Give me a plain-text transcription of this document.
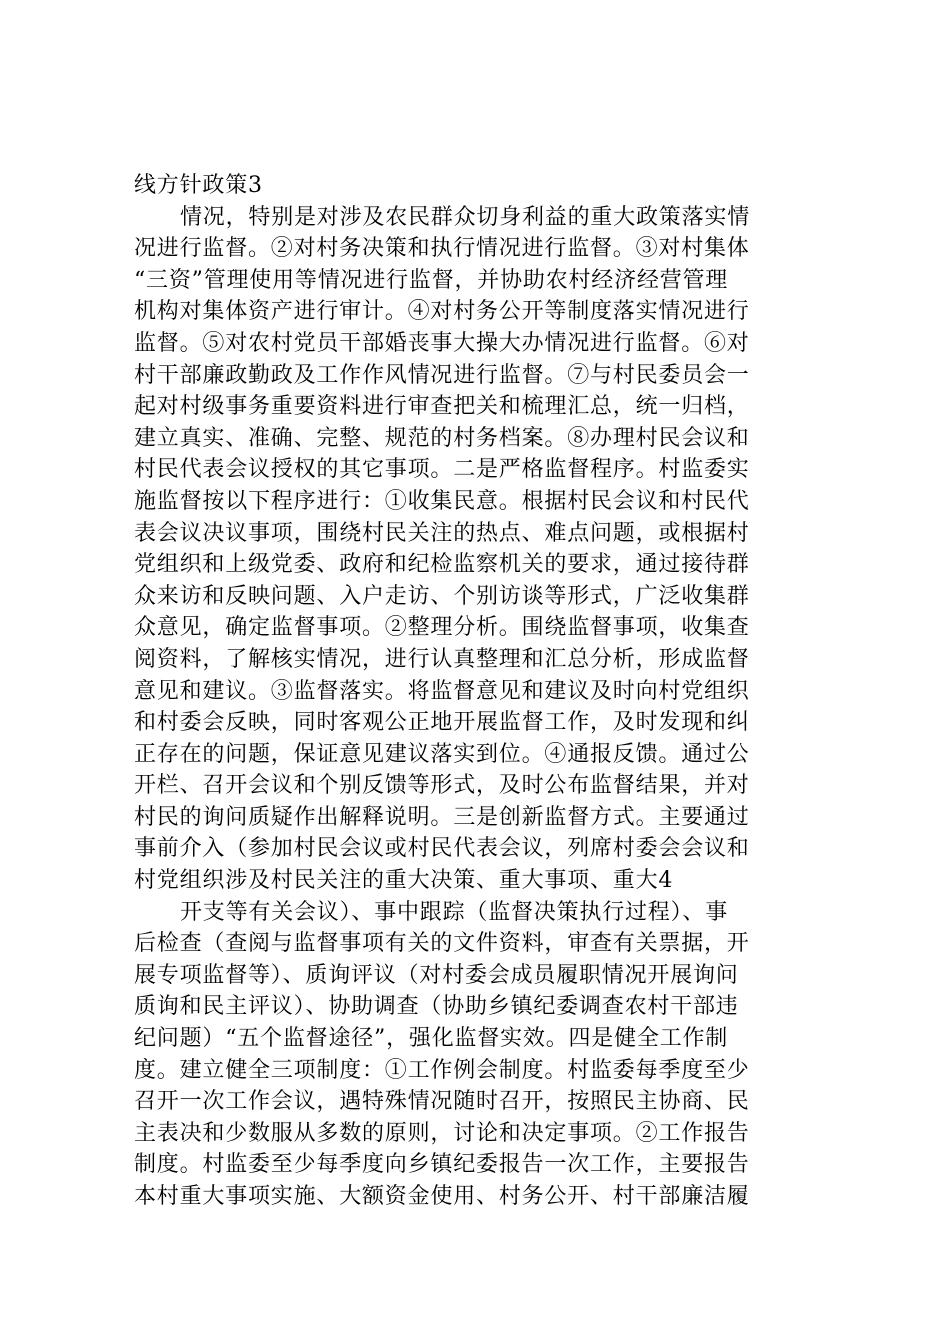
线方针政策3
情况，特别是对涉及农民群众切身利益的重大政策落实情
况进行监督。②对村务决策和执行情况进行监督。③对村集体
“三资”管理使用等情况进行监督，并协助农村经济经营管理
机构对集体资产进行审计。④对村务公开等制度落实情况进行
监督。⑤对农村党员干部婚丧事大操大办情况进行监督。⑥对
村干部廉政勤政及工作作风情况进行监督。⑦与村民委员会一
起对村级事务重要资料进行审查把关和梳理汇总，统一归档，
建立真实、准确、完整、规范的村务档案。⑧办理村民会议和
村民代表会议授权的其它事项。二是严格监督程序。村监委实
施监督按以下程序进行：①收集民意。根据村民会议和村民代
表会议决议事项，围绕村民关注的热点、难点问题，或根据村
党组织和上级党委、政府和纪检监察机关的要求，通过接待群
众来访和反映问题、入户走访、个别访谈等形式，广泛收集群
众意见，确定监督事项。②整理分析。围绕监督事项，收集查
阅资料，了解核实情况，进行认真整理和汇总分析，形成监督
意见和建议。③监督落实。将监督意见和建议及时向村党组织
和村委会反映，同时客观公正地开展监督工作，及时发现和纠
正存在的问题，保证意见建议落实到位。④通报反馈。通过公
开栏、召开会议和个别反馈等形式，及时公布监督结果，并对
村民的询问质疑作出解释说明。三是创新监督方式。主要通过
事前介入（参加村民会议或村民代表会议，列席村委会会议和
村党组织涉及村民关注的重大决策、重大事项、重大4
开支等有关会议）、事中跟踪（监督决策执行过程）、事
后检查（查阅与监督事项有关的文件资料，审查有关票据，开
展专项监督等）、质询评议（对村委会成员履职情况开展询问
质询和民主评议）、协助调查（协助乡镇纪委调查农村干部违
纪问题）“五个监督途径”，强化监督实效。四是健全工作制
度。建立健全三项制度：①工作例会制度。村监委每季度至少
召开一次工作会议，遇特殊情况随时召开，按照民主协商、民
主表决和少数服从多数的原则，讨论和决定事项。②工作报告
制度。村监委至少每季度向乡镇纪委报告一次工作，主要报告
本村重大事项实施、大额资金使用、村务公开、村干部廉洁履
